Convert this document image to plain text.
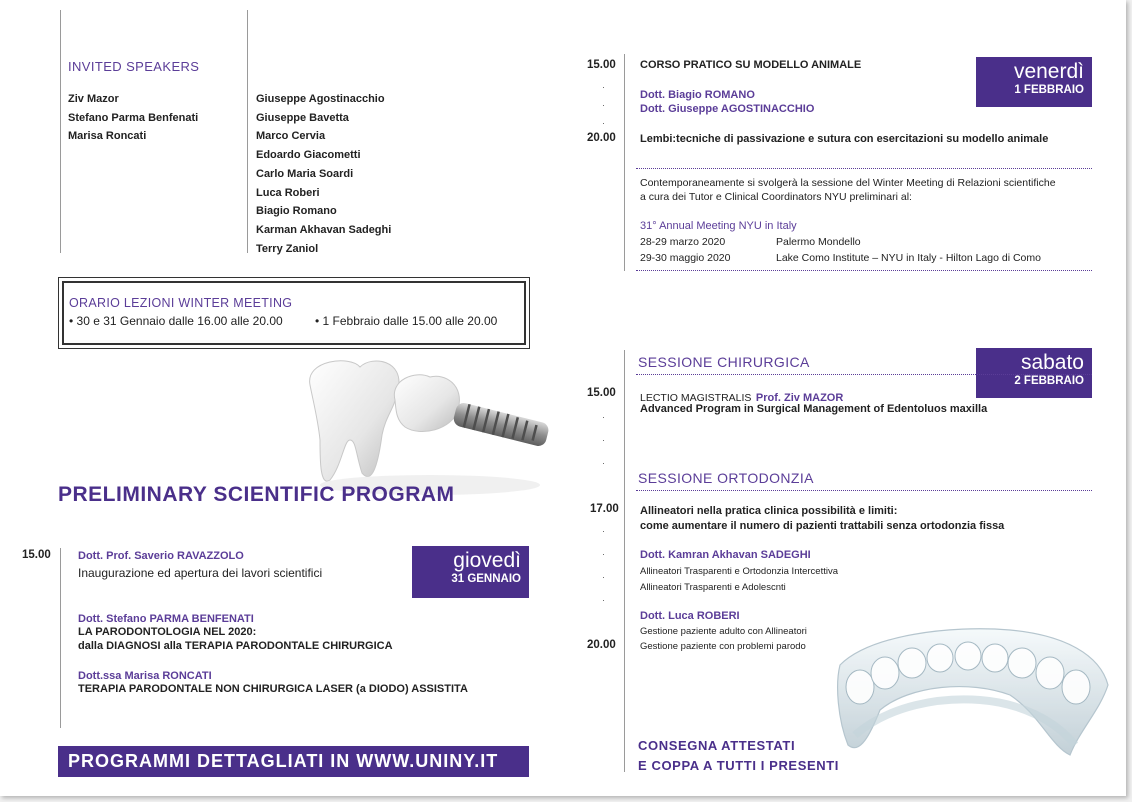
INVITED SPEAKERS
Ziv Mazor
Stefano Parma Benfenati
Marisa Roncati
Giuseppe Agostinacchio
Giuseppe Bavetta
Marco Cervia
Edoardo Giacometti
Carlo Maria Soardi
Luca Roberi
Biagio Romano
Karman Akhavan Sadeghi
Terry Zaniol
ORARIO LEZIONI WINTER MEETING
• 30 e 31 Gennaio dalle 16.00 alle 20.00	• 1 Febbraio dalle 15.00 alle 20.00
PRELIMINARY SCIENTIFIC PROGRAM
15.00	giovedì
31 GENNAIO
Dott. Prof. Saverio RAVAZZOLO
Inaugurazione ed apertura dei lavori scientifici
Dott. Stefano PARMA BENFENATI
LA PARODONTOLOGIA NEL 2020:
dalla DIAGNOSI alla TERAPIA PARODONTALE CHIRURGICA
Dott.ssa Marisa RONCATI
TERAPIA PARODONTALE NON CHIRURGICA LASER (a DIODO) ASSISTITA
PROGRAMMI DETTAGLIATI IN WWW.UNINY.IT
15.00
·
·
·
20.00
CORSO PRATICO SU MODELLO ANIMALE	venerdì
1 FEBBRAIO
Dott. Biagio ROMANO
Dott. Giuseppe AGOSTINACCHIO
Lembi:tecniche di passivazione e sutura con esercitazioni su modello animale
Contemporaneamente si svolgerà la sessione del Winter Meeting di Relazioni scientifiche
a cura dei Tutor e Clinical Coordinators NYU preliminari al:
31° Annual Meeting NYU in Italy
28-29 marzo 2020	Palermo Mondello
29-30 maggio 2020	Lake Como Institute – NYU in Italy - Hilton Lago di Como
SESSIONE CHIRURGICA	sabato
2 FEBBRAIO
15.00
·
·
·
LECTIO MAGISTRALIS Prof. Ziv MAZOR
Advanced Program in Surgical Management of Edentoluos maxilla
SESSIONE ORTODONZIA
17.00
·
·
·
·
Allineatori nella pratica clinica possibilità e limiti:
come aumentare il numero di pazienti trattabili senza ortodonzia fissa
Dott. Kamran Akhavan SADEGHI
Allineatori Trasparenti e Ortodonzia Intercettiva
Allineatori Trasparenti e Adolescnti
Dott. Luca ROBERI
Gestione paziente adulto con Allineatori
Gestione paziente con problemi parodo
20.00
CONSEGNA ATTESTATI
E COPPA A TUTTI I PRESENTI
